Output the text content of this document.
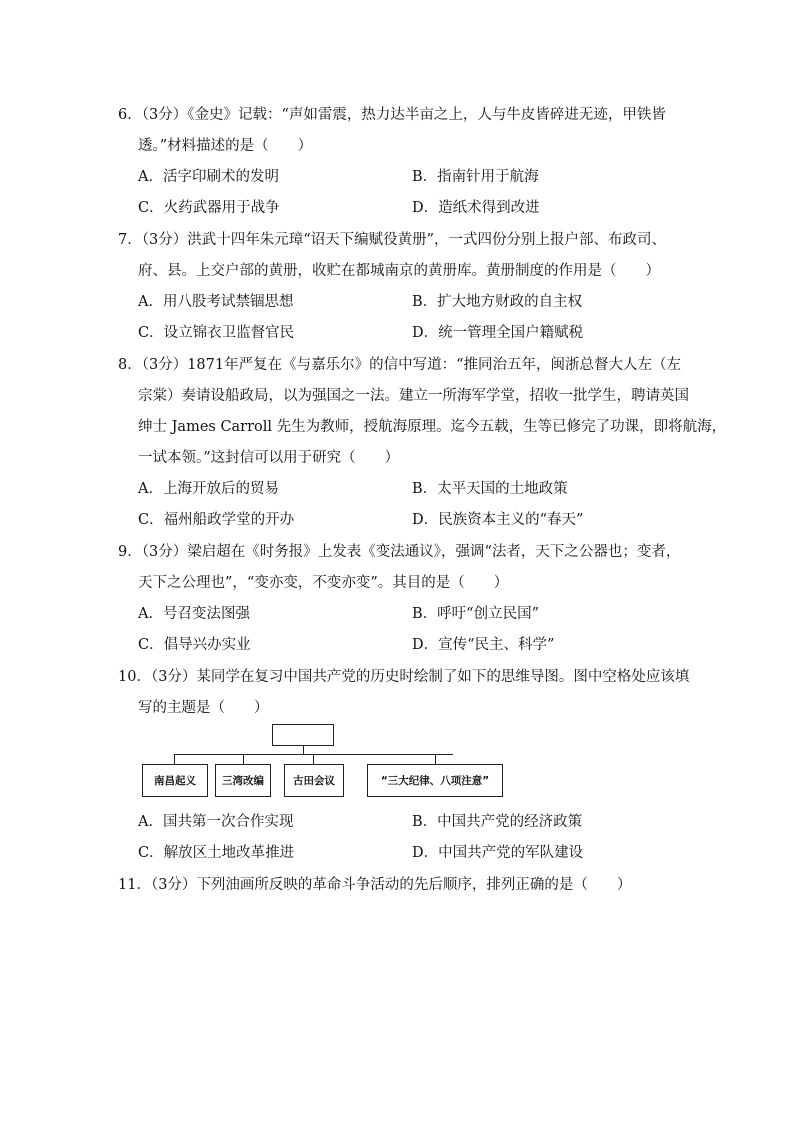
6．（3分）《金史》记载：“声如雷震，热力达半亩之上，人与牛皮皆碎进无迹，甲铁皆
透。”材料描述的是（　　）
A．活字印刷术的发明	B．指南针用于航海
C．火药武器用于战争	D．造纸术得到改进
7．（3分）洪武十四年朱元璋“诏天下编赋役黄册”，一式四份分别上报户部、布政司、
府、县。上交户部的黄册，收贮在都城南京的黄册库。黄册制度的作用是（　　）
A．用八股考试禁锢思想	B．扩大地方财政的自主权
C．设立锦衣卫监督官民	D．统一管理全国户籍赋税
8．（3分）1871年严复在《与嘉乐尔》的信中写道：“推同治五年，闽浙总督大人左（左
宗棠）奏请设船政局，以为强国之一法。建立一所海军学堂，招收一批学生，聘请英国
绅士 James Carroll 先生为教师，授航海原理。迄今五载，生等已修完了功课，即将航海，
一试本领。”这封信可以用于研究（　　）
A．上海开放后的贸易	B．太平天国的土地政策
C．福州船政学堂的开办	D．民族资本主义的“春天”
9．（3分）梁启超在《时务报》上发表《变法通议》，强调“法者，天下之公器也；变者，
天下之公理也”，“变亦变，不变亦变”。其目的是（　　）
A．号召变法图强	B．呼吁“创立民国”
C．倡导兴办实业	D．宣传“民主、科学”
10．（3分）某同学在复习中国共产党的历史时绘制了如下的思维导图。图中空格处应该填
写的主题是（　　）
南昌起义	三湾改编	古田会议	“三大纪律、八项注意”
A．国共第一次合作实现	B．中国共产党的经济政策
C．解放区土地改革推进	D．中国共产党的军队建设
11．（3分）下列油画所反映的革命斗争活动的先后顺序，排列正确的是（　　）
